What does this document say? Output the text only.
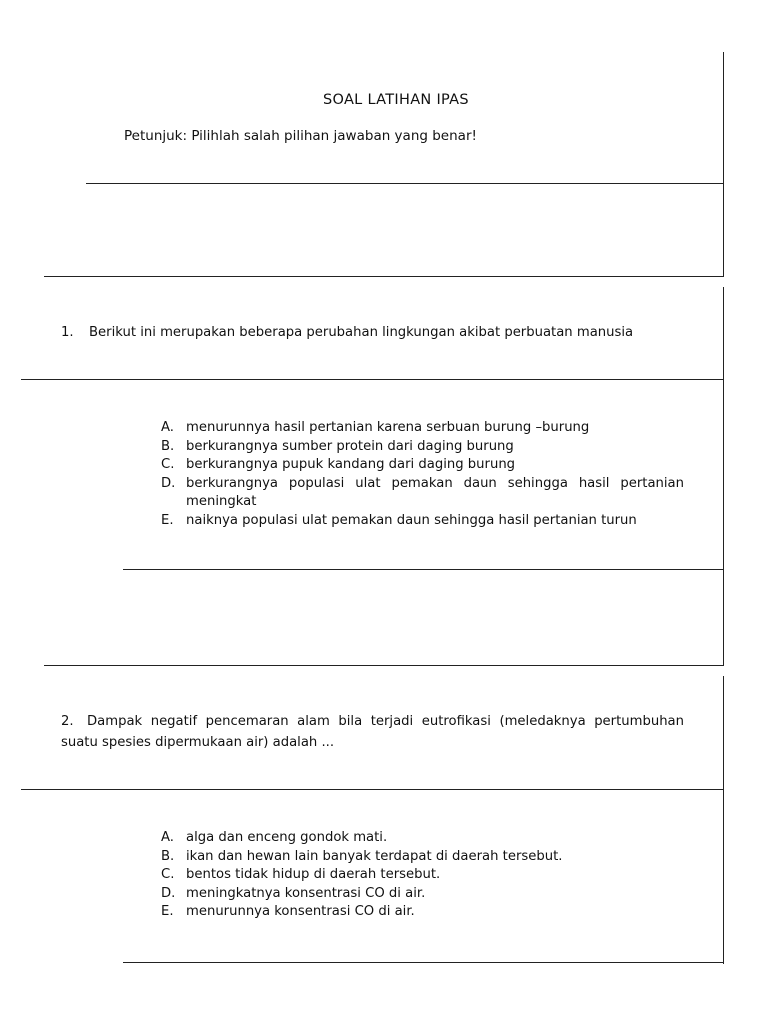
SOAL LATIHAN IPAS
Petunjuk: Pilihlah salah pilihan jawaban yang benar!
1. Berikut ini merupakan beberapa perubahan lingkungan akibat perbuatan manusia
A. menurunnya hasil pertanian karena serbuan burung –burung
B. berkurangnya sumber protein dari daging burung
C. berkurangnya pupuk kandang dari daging burung
D. berkurangnya populasi ulat pemakan daun sehingga hasil pertanian meningkat
E. naiknya populasi ulat pemakan daun sehingga hasil pertanian turun
2. Dampak negatif pencemaran alam bila terjadi eutrofikasi (meledaknya pertumbuhan suatu spesies dipermukaan air) adalah ...
A. alga dan enceng gondok mati.
B. ikan dan hewan lain banyak terdapat di daerah tersebut.
C. bentos tidak hidup di daerah tersebut.
D. meningkatnya konsentrasi CO di air.
E. menurunnya konsentrasi CO di air.
